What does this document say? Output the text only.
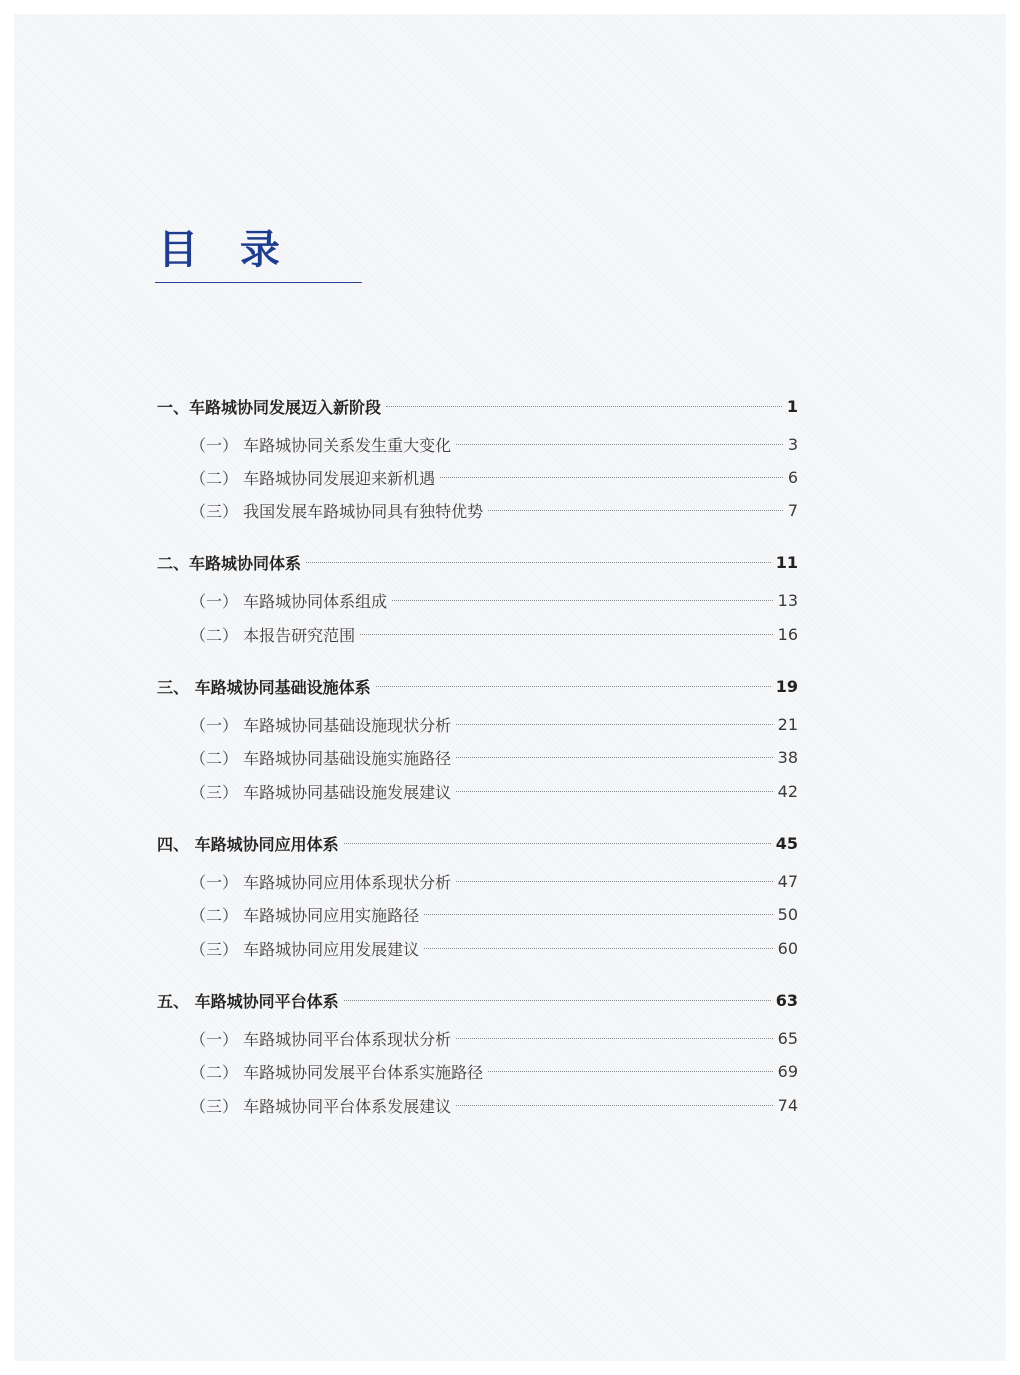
目 录
一、车路城协同发展迈入新阶段	1
（一） 车路城协同关系发生重大变化	3
（二） 车路城协同发展迎来新机遇	6
（三） 我国发展车路城协同具有独特优势	7
二、车路城协同体系	11
（一） 车路城协同体系组成	13
（二） 本报告研究范围	16
三、 车路城协同基础设施体系	19
（一） 车路城协同基础设施现状分析	21
（二） 车路城协同基础设施实施路径	38
（三） 车路城协同基础设施发展建议	42
四、 车路城协同应用体系	45
（一） 车路城协同应用体系现状分析	47
（二） 车路城协同应用实施路径	50
（三） 车路城协同应用发展建议	60
五、 车路城协同平台体系	63
（一） 车路城协同平台体系现状分析	65
（二） 车路城协同发展平台体系实施路径	69
（三） 车路城协同平台体系发展建议	74
